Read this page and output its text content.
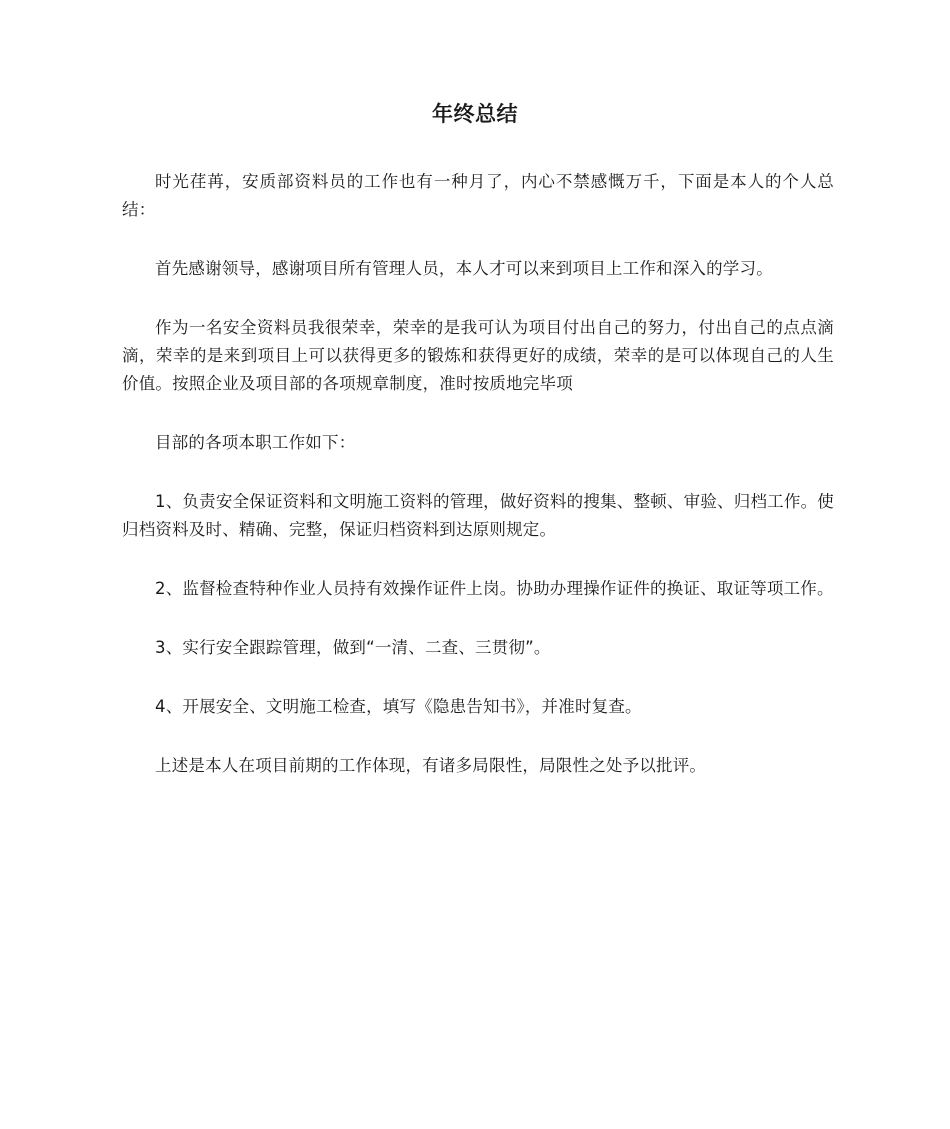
年终总结

时光荏苒，安质部资料员的工作也有一种月了，内心不禁感慨万千，下面是本人的个人总结：

首先感谢领导，感谢项目所有管理人员，本人才可以来到项目上工作和深入的学习。

作为一名安全资料员我很荣幸，荣幸的是我可认为项目付出自己的努力，付出自己的点点滴滴，荣幸的是来到项目上可以获得更多的锻炼和获得更好的成绩，荣幸的是可以体现自己的人生价值。按照企业及项目部的各项规章制度，准时按质地完毕项

目部的各项本职工作如下：

1、负责安全保证资料和文明施工资料的管理，做好资料的搜集、整顿、审验、归档工作。使归档资料及时、精确、完整，保证归档资料到达原则规定。

2、监督检查特种作业人员持有效操作证件上岗。协助办理操作证件的换证、取证等项工作。

3、实行安全跟踪管理，做到“一清、二查、三贯彻”。

4、开展安全、文明施工检查，填写《隐患告知书》，并准时复查。

上述是本人在项目前期的工作体现，有诸多局限性，局限性之处予以批评。
